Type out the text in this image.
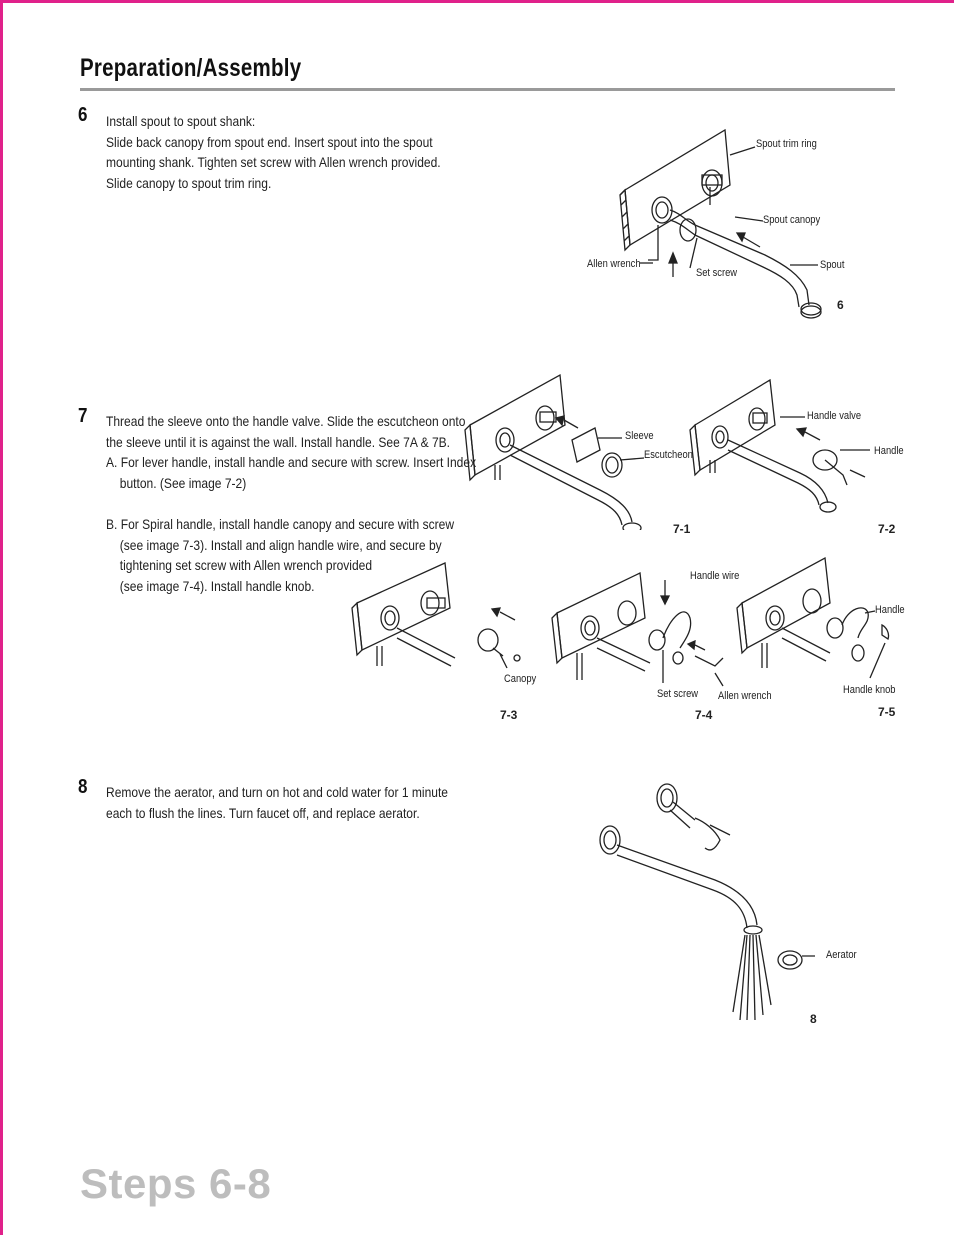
Preparation/Assembly
6 Install spout to spout shank:

Slide back canopy from spout end. Insert spout into the spout

mounting shank. Tighten set screw with Allen wrench provided.

Slide canopy to spout trim ring.

Spout trim ring
Spout canopy
Allen wrench
Set screw
Spout
6
7 Thread the sleeve onto the handle valve. Slide the escutcheon onto

the sleeve until it is against the wall. Install handle. See 7A & 7B.

A. For lever handle, install handle and secure with screw. Insert Index

button. (See image 7-2)

B. For Spiral handle, install handle canopy and secure with screw

(see image 7-3). Install and align handle wire, and secure by

tightening set screw with Allen wrench provided

(see image 7-4). Install handle knob.

Sleeve
Escutcheon
7-1
Handle valve
Handle
7-2
Canopy
7-3
Handle wire
Set screw Allen wrench
7-4
Handle
Handle knob
7-5
8 Remove the aerator, and turn on hot and cold water for 1 minute

each to flush the lines. Turn faucet off, and replace aerator.

Aerator
8
Steps 6-8
